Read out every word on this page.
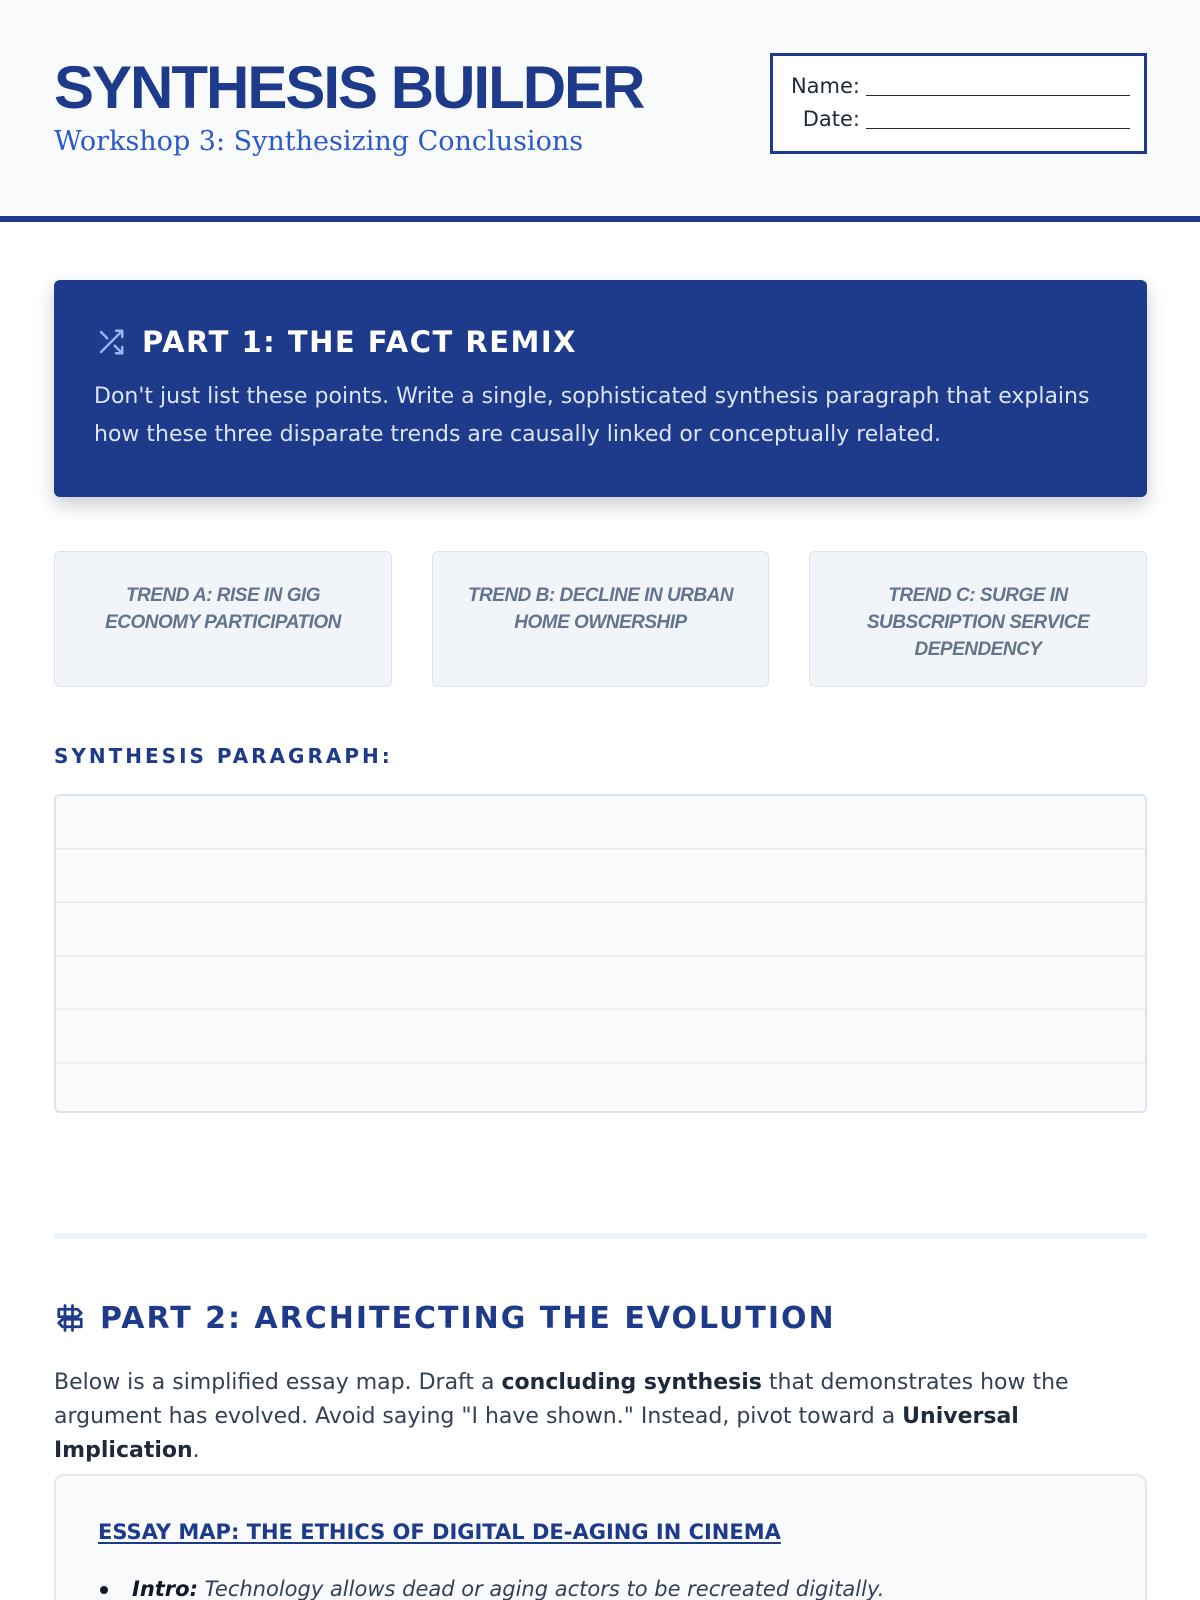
SYNTHESIS BUILDER
Workshop 3: Synthesizing Conclusions
Name:
Date:
PART 1: THE FACT REMIX

Don't just list these points. Write a single, sophisticated synthesis paragraph that explains how these three disparate trends are causally linked or conceptually related.

TREND A: RISE IN GIG ECONOMY PARTICIPATION
TREND B: DECLINE IN URBAN HOME OWNERSHIP
TREND C: SURGE IN SUBSCRIPTION SERVICE DEPENDENCY
SYNTHESIS PARAGRAPH:
PART 2: ARCHITECTING THE EVOLUTION
Below is a simplified essay map. Draft a concluding synthesis that demonstrates how the argument has evolved. Avoid saying "I have shown." Instead, pivot toward a Universal Implication.
ESSAY MAP: THE ETHICS OF DIGITAL DE-AGING IN CINEMA
Intro: Technology allows dead or aging actors to be recreated digitally.
